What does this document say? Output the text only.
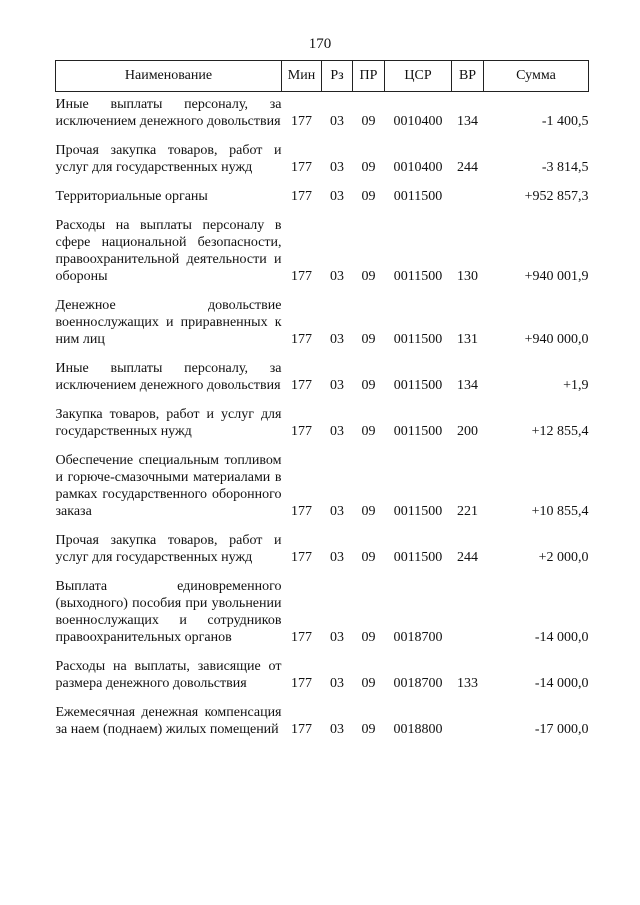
170
Наименование	Мин	Рз	ПР	ЦСР	ВР	Сумма
Иные выплаты персоналу, за исключением денежного довольствия	177	03	09	0010400	134	-1 400,5
Прочая закупка товаров, работ и услуг для государственных нужд	177	03	09	0010400	244	-3 814,5
Территориальные органы	177	03	09	0011500		+952 857,3
Расходы на выплаты персоналу в сфере национальной безопасности, правоохранительной деятельности и обороны	177	03	09	0011500	130	+940 001,9
Денежное довольствие военнослужащих и приравненных к ним лиц	177	03	09	0011500	131	+940 000,0
Иные выплаты персоналу, за исключением денежного довольствия	177	03	09	0011500	134	+1,9
Закупка товаров, работ и услуг для государственных нужд	177	03	09	0011500	200	+12 855,4
Обеспечение специальным топливом и горюче-смазочными материалами в рамках государственного оборонного заказа	177	03	09	0011500	221	+10 855,4
Прочая закупка товаров, работ и услуг для государственных нужд	177	03	09	0011500	244	+2 000,0
Выплата единовременного (выходного) пособия при увольнении военнослужащих и сотрудников правоохранительных органов	177	03	09	0018700		-14 000,0
Расходы на выплаты, зависящие от размера денежного довольствия	177	03	09	0018700	133	-14 000,0
Ежемесячная денежная компенсация за наем (поднаем) жилых помещений	177	03	09	0018800		-17 000,0
